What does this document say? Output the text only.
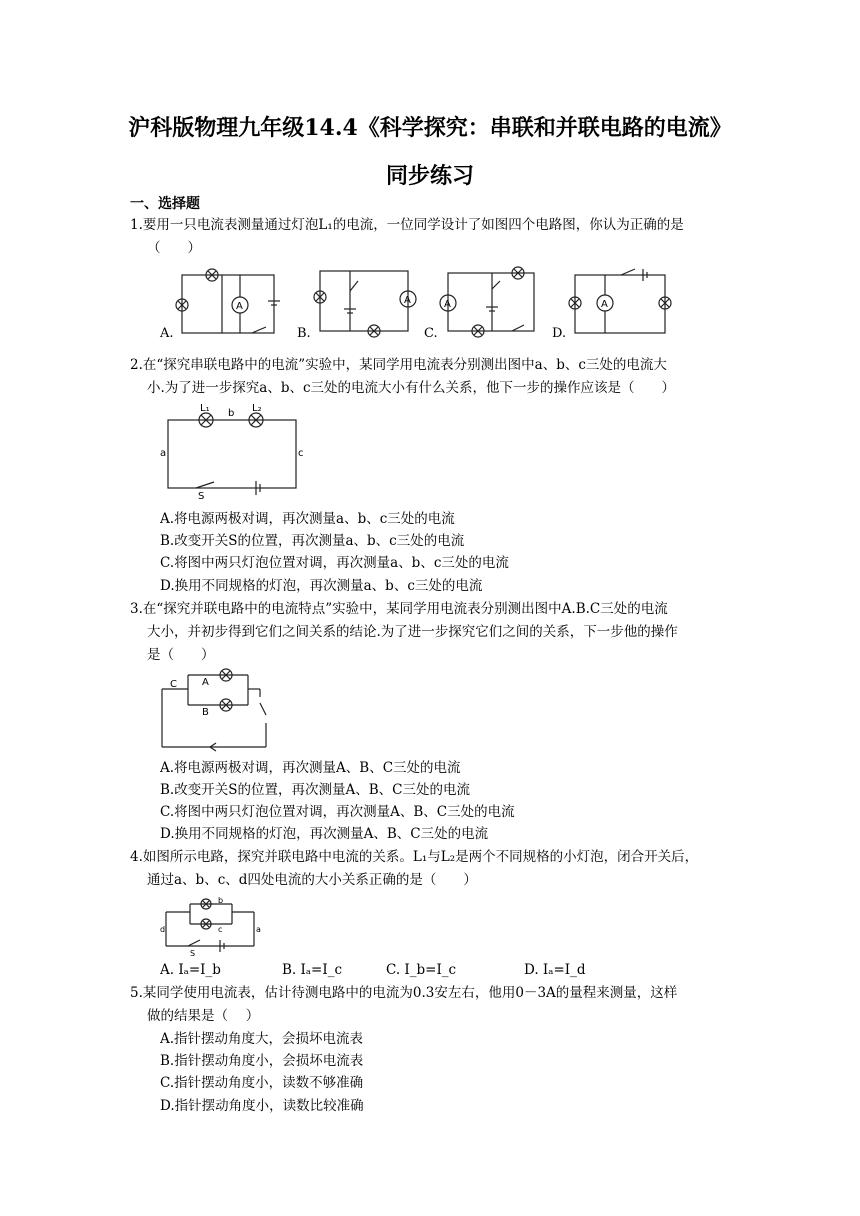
沪科版物理九年级14.4《科学探究：串联和并联电路的电流》
同步练习
一、选择题
1.要用一只电流表测量通过灯泡L₁的电流，一位同学设计了如图四个电路图，你认为正确的是
（　　）
A.
A
B.
A
C.
A
D.
A
2.在“探究串联电路中的电流”实验中，某同学用电流表分别测出图中a、b、c三处的电流大
小.为了进一步探究a、b、c三处的电流大小有什么关系，他下一步的操作应该是（　　）
L₁ b L₂
a	c
S
A.将电源两极对调，再次测量a、b、c三处的电流
B.改变开关S的位置，再次测量a、b、c三处的电流
C.将图中两只灯泡位置对调，再次测量a、b、c三处的电流
D.换用不同规格的灯泡，再次测量a、b、c三处的电流
3.在“探究并联电路中的电流特点”实验中，某同学用电流表分别测出图中A.B.C三处的电流
大小，并初步得到它们之间关系的结论.为了进一步探究它们之间的关系，下一步他的操作
是（　　）
C	A
B
A.将电源两极对调，再次测量A、B、C三处的电流
B.改变开关S的位置，再次测量A、B、C三处的电流
C.将图中两只灯泡位置对调，再次测量A、B、C三处的电流
D.换用不同规格的灯泡，再次测量A、B、C三处的电流
4.如图所示电路，探究并联电路中电流的关系。L₁与L₂是两个不同规格的小灯泡，闭合开关后，
通过a、b、c、d四处电流的大小关系正确的是（　　）
d	a
b
c
S
A. Iₐ=I_b	B. Iₐ=I_c	C. I_b=I_c	D. Iₐ=I_d
5.某同学使用电流表，估计待测电路中的电流为0.3安左右，他用0－3A的量程来测量，这样
做的结果是（　 ）
A.指针摆动角度大，会损坏电流表
B.指针摆动角度小，会损坏电流表
C.指针摆动角度小，读数不够准确
D.指针摆动角度小，读数比较准确
